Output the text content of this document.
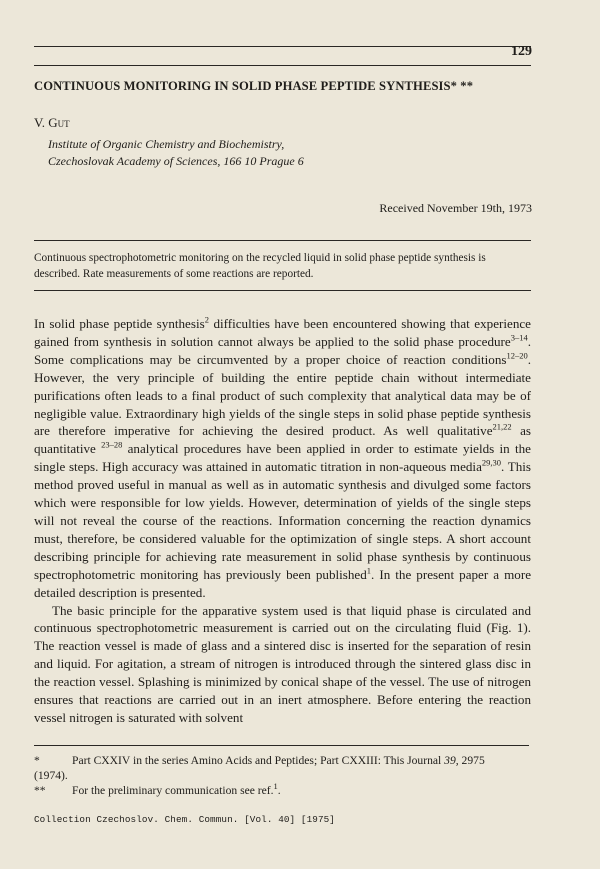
129
CONTINUOUS MONITORING IN SOLID PHASE PEPTIDE SYNTHESIS* **
V. Gut
Institute of Organic Chemistry and Biochemistry,
Czechoslovak Academy of Sciences, 166 10 Prague 6
Received November 19th, 1973
Continuous spectrophotometric monitoring on the recycled liquid in solid phase peptide synthesis is described. Rate measurements of some reactions are reported.

In solid phase peptide synthesis$^2$ difficulties have been encountered showing that experience gained from synthesis in solution cannot always be applied to the solid phase procedure$^{3-14}$. Some complications may be circumvented by a proper choice of reaction conditions$^{12-20}$. However, the very principle of building the entire peptide chain without intermediate purifications often leads to a final product of such complexity that analytical data may be of negligible value. Extraordinary high yields of the single steps in solid phase peptide synthesis are therefore imperative for achieving the desired product. As well qualitative$^{21,22}$ as quantitative $^{23-28}$ analytical procedures have been applied in order to estimate yields in the single steps. High accuracy was attained in automatic titration in non-aqueous media$^{29,30}$. This method proved useful in manual as well as in automatic synthesis and divulged some factors which were responsible for low yields. However, determination of yields of the single steps will not reveal the course of the reactions. Information concerning the reaction dynamics must, therefore, be considered valuable for the optimization of single steps. A short account describing principle for achieving rate measurement in solid phase synthesis by continuous spectrophotometric monitoring has previously been published$^1$. In the present paper a more detailed description is presented.

The basic principle for the apparative system used is that liquid phase is circulated and continuous spectrophotometric measurement is carried out on the circulating fluid (Fig. 1). The reaction vessel is made of glass and a sintered disc is inserted for the separation of resin and liquid. For agitation, a stream of nitrogen is introduced through the sintered glass disc in the reaction vessel. Splashing is minimized by conical shape of the vessel. The use of nitrogen ensures that reactions are carried out in an inert atmosphere. Before entering the reaction vessel nitrogen is saturated with solvent

*	Part CXXIV in the series Amino Acids and Peptides; Part CXXIII: This Journal 39, 2975
(1974).
** For the preliminary communication see ref.$^1$.
Collection Czechoslov. Chem. Commun. [Vol. 40] [1975]
